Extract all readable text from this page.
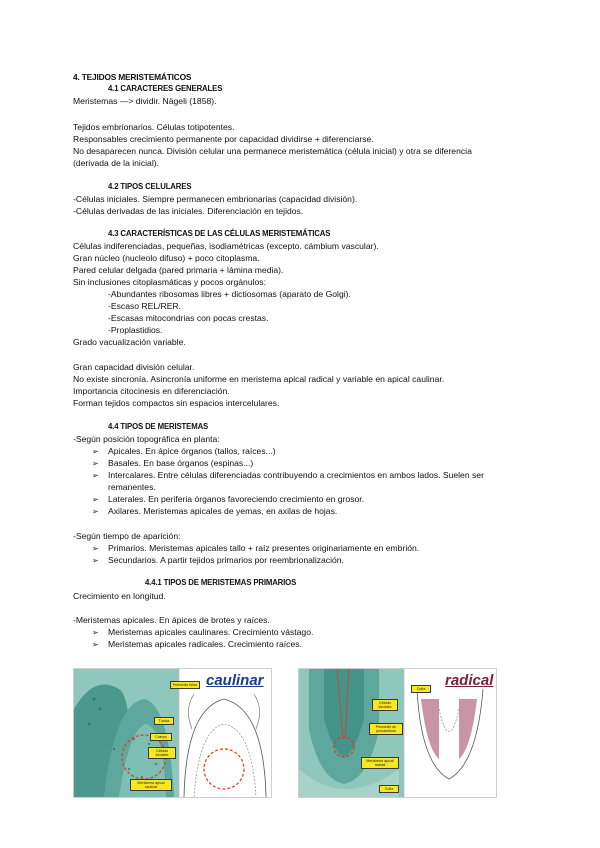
4. TEJIDOS MERISTEMÁTICOS
4.1 CARACTERES GENERALES
Meristemas —> dividir. Nägeli (1858).
Tejidos embrionarios. Células totipotentes.
Responsables crecimiento permanente por capacidad dividirse + diferenciarse.
No desaparecen nunca. División celular una permanece meristemática (célula inicial) y otra se diferencia
(derivada de la inicial).
4.2 TIPOS CELULARES
-Células iniciales. Siempre permanecen embrionarias (capacidad división).
-Células derivadas de las iniciales. Diferenciación en tejidos.
4.3 CARACTERÍSTICAS DE LAS CÉLULAS MERISTEMÁTICAS
Células indiferenciadas, pequeñas, isodiamétricas (excepto. cámbium vascular).
Gran núcleo (nucleolo difuso) + poco citoplasma.
Pared celular delgada (pared primaria + lámina media).
Sin inclusiones citoplasmáticas y pocos orgánulos:
-Abundantes ribosomas libres + dictiosomas (aparato de Golgi).
-Escaso REL/RER.
-Escasas mitocondrias con pocas crestas.
-Proplastidios.
Grado vacualización variable.
Gran capacidad división celular.
No existe sincronía. Asincronía uniforme en meristema apical radical y variable en apical caulinar.
Importancia citocinesis en diferenciación.
Forman tejidos compactos sin espacios intercelulares.
4.4 TIPOS DE MERISTEMAS
-Según posición topográfica en planta:
➢ Apicales. En ápice órganos (tallos, raíces...)
➢ Basales. En base órganos (espinas...)
➢ Intercalares. Entre células diferenciadas contribuyendo a crecimientos en ambos lados. Suelen ser
remanentes.
➢ Laterales. En periferia órganos favoreciendo crecimiento en grosor.
➢ Axilares. Meristemas apicales de yemas, en axilas de hojas.
-Según tiempo de aparición:
➢ Primarios. Meristemas apicales tallo + raíz presentes originariamente en embrión.
➢ Secundarios. A partir tejidos primarios por reembrionalización.
4.4.1 TIPOS DE MERISTEMAS PRIMARIOS
Crecimiento en longitud.
-Meristemas apicales. En ápices de brotes y raíces.
➢ Meristemas apicales caulinares. Crecimiento vástago.
➢ Meristemas apicales radicales. Crecimiento raíces.
caulinar
Primordio foliar
Túnica
Cuerpo
Células iniciales
Meristema apical caulinar
radical
Cofia
Células iniciales
Primordio de procambium
Meristema apical radical
Cofia
